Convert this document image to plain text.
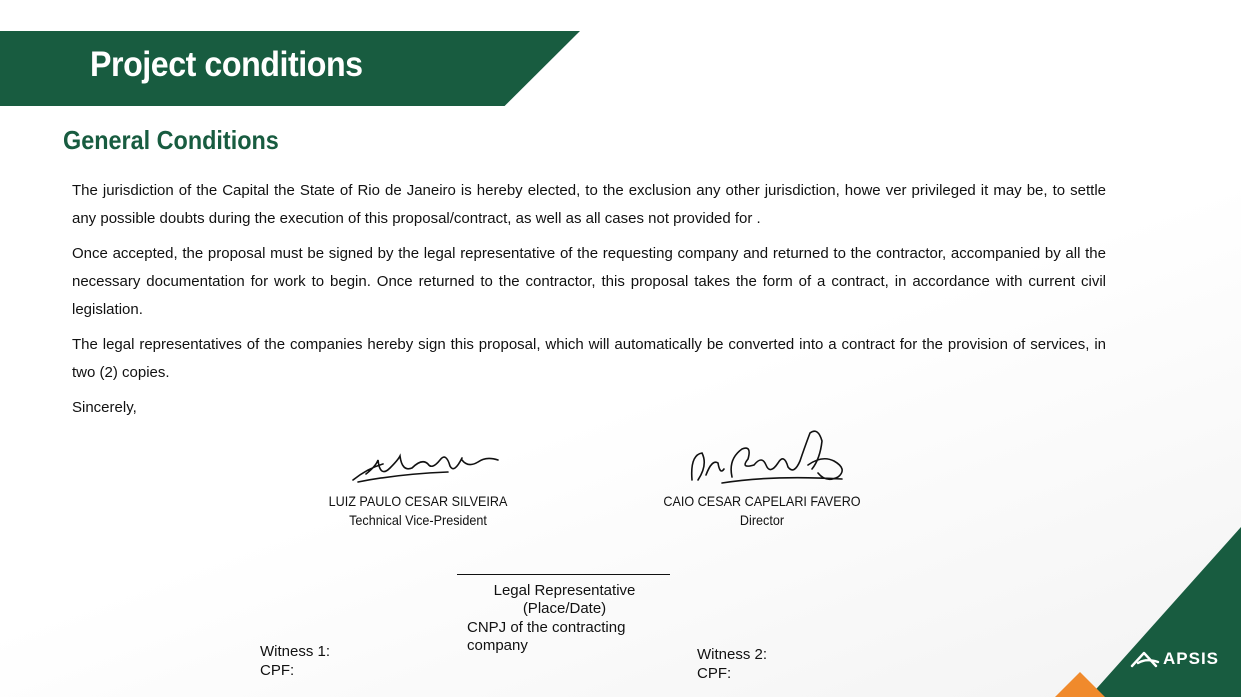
Project conditions
General Conditions

The jurisdiction of the Capital the State of Rio de Janeiro is hereby elected, to the exclusion any other jurisdiction, howe ver privileged it may be, to settle any possible doubts during the execution of this proposal/contract, as well as all cases not provided for .

Once accepted, the proposal must be signed by the legal representative of the requesting company and returned to the contractor, accompanied by all the necessary documentation for work to begin. Once returned to the contractor, this proposal takes the form of a contract, in accordance with current civil legislation.

The legal representatives of the companies hereby sign this proposal, which will automatically be converted into a contract for the provision of services, in two (2) copies.

Sincerely,

LUIZ PAULO CESAR SILVEIRA
Technical Vice-President
CAIO CESAR CAPELARI FAVERO
Director
Legal Representative
(Place/Date)
CNPJ of the contracting company
Witness 1:
CPF:
Witness 2:
CPF:
APSIS
